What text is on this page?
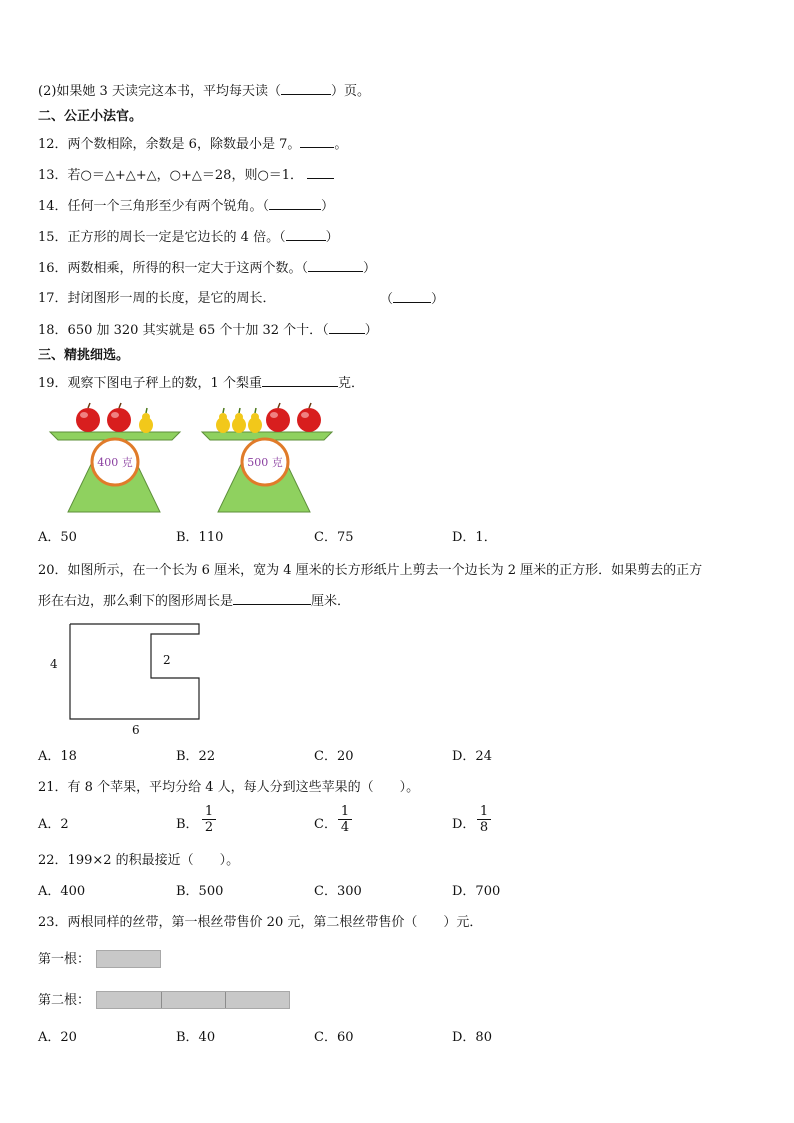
(2)如果她 3 天读完这本书，平均每天读（	）页。
二、公正小法官。
12．两个数相除，余数是 6，除数最小是 7。	。
13．若○＝△+△+△，○+△＝28，则○＝1．
14．任何一个三角形至少有两个锐角。（	）
15．正方形的周长一定是它边长的 4 倍。（	）
16．两数相乘，所得的积一定大于这两个数。（	）
17．封闭图形一周的长度，是它的周长．	（	）
18．650 加 320 其实就是 65 个十加 32 个十．（	）
三、精挑细选。
19．观察下图电子秤上的数，1 个梨重	克．
400 克	500 克
A．50	B．110	C．75	D．1．
20．如图所示，在一个长为 6 厘米，宽为 4 厘米的长方形纸片上剪去一个边长为 2 厘米的正方形．如果剪去的正方
形在右边，那么剩下的图形周长是	厘米．
4	2
6
A．18	B．22	C．20	D．24
21．有 8 个苹果，平均分给 4 人，每人分到这些苹果的（　　）。
A．2	B．
1
2	C．
1
4	D．
1
8
22．199×2 的积最接近（　　）。
A．400	B．500	C．300	D．700
23．两根同样的丝带，第一根丝带售价 20 元，第二根丝带售价（　　）元．
第一根：
第二根：
A．20	B．40	C．60	D．80
